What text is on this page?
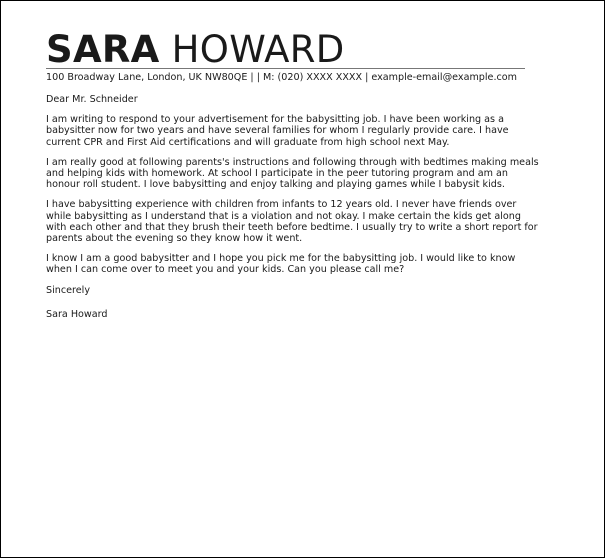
SARA HOWARD
100 Broadway Lane, London, UK NW80QE | | M: (020) XXXX XXXX | example-email@example.com

Dear Mr. Schneider

I am writing to respond to your advertisement for the babysitting job. I have been working as a babysitter now for two years and have several families for whom I regularly provide care. I have current CPR and First Aid certifications and will graduate from high school next May.

I am really good at following parents's instructions and following through with bedtimes making meals and helping kids with homework. At school I participate in the peer tutoring program and am an honour roll student. I love babysitting and enjoy talking and playing games while I babysit kids.

I have babysitting experience with children from infants to 12 years old. I never have friends over while babysitting as I understand that is a violation and not okay. I make certain the kids get along with each other and that they brush their teeth before bedtime. I usually try to write a short report for parents about the evening so they know how it went.

I know I am a good babysitter and I hope you pick me for the babysitting job. I would like to know when I can come over to meet you and your kids. Can you please call me?

Sincerely

Sara Howard
